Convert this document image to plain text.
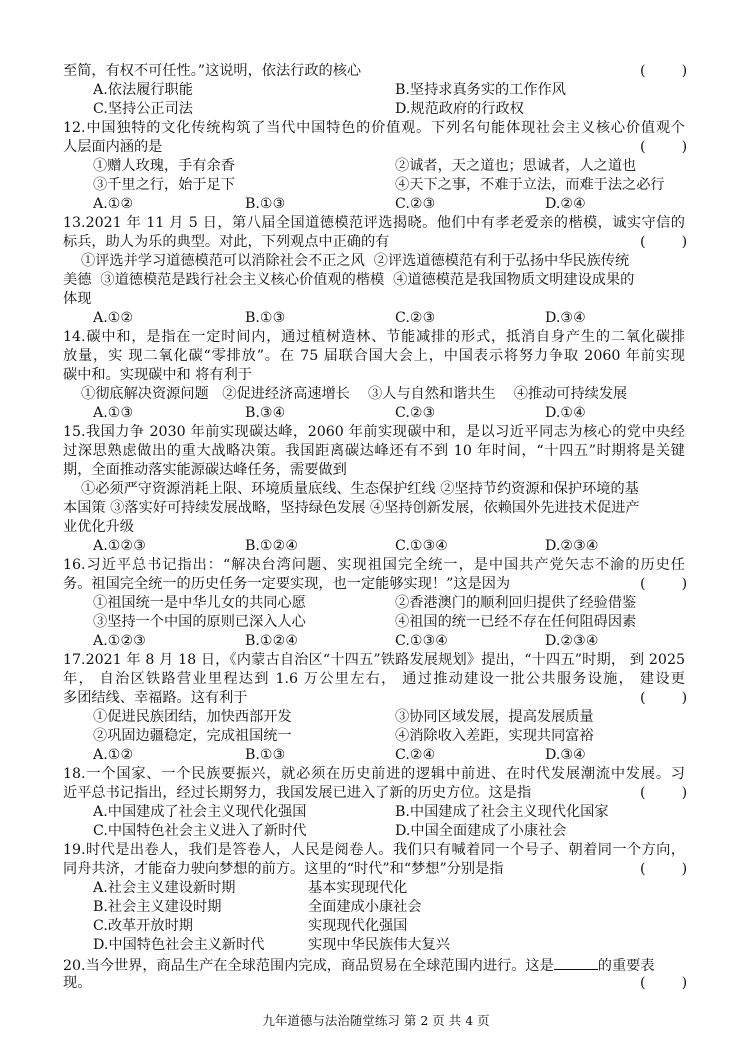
至简，有权不可任性。”这说明，依法行政的核心	(        )
A.依法履行职能	B.坚持求真务实的工作作风
C.坚持公正司法	D.规范政府的行政权
12.中国独特的文化传统构筑了当代中国特色的价值观。下列名句能体现社会主义核心价值观个
人层面内涵的是	(        )
①赠人玫瑰，手有余香	②诚者，天之道也；思诚者，人之道也
③千里之行，始于足下	④天下之事，不难于立法，而难于法之必行
A.①②	B.①③	C.②③	D.②④
13.2021 年 11 月 5 日，第八届全国道德模范评选揭晓。他们中有孝老爱亲的楷模，诚实守信的
标兵，助人为乐的典型。对此，下列观点中正确的有	(        )
①评选并学习道德模范可以消除社会不正之风  ②评选道德模范有利于弘扬中华民族传统
美德  ③道德模范是践行社会主义核心价值观的楷模  ④道德模范是我国物质文明建设成果的
体现
A.①②	B.①③	C.②③	D.③④
14.碳中和，是指在一定时间内，通过植树造林、节能减排的形式，抵消自身产生的二氧化碳排
放量，实 现二氧化碳“零排放”。在 75 届联合国大会上，中国表示将努力争取 2060 年前实现
碳中和。实现碳中和 将有利于
①彻底解决资源问题   ②促进经济高速增长    ③人与自然和谐共生    ④推动可持续发展
A.①③	B.③④	C.②③	D.①④
15.我国力争 2030 年前实现碳达峰，2060 年前实现碳中和，是以习近平同志为核心的党中央经
过深思熟虑做出的重大战略决策。我国距离碳达峰还有不到 10 年时间，“十四五”时期将是关键
期，全面推动落实能源碳达峰任务，需要做到
①必须严守资源消耗上限、环境质量底线、生态保护红线 ②坚持节约资源和保护环境的基
本国策 ③落实好可持续发展战略，坚持绿色发展 ④坚持创新发展，依赖国外先进技术促进产
业优化升级
A.①②③	B.①②④	C.①③④	D.②③④
16.习近平总书记指出：“解决台湾问题、实现祖国完全统一，是中国共产党矢志不渝的历史任
务。祖国完全统一的历史任务一定要实现，也一定能够实现！”这是因为	(        )
①祖国统一是中华儿女的共同心愿	②香港澳门的顺利回归提供了经验借鉴
③坚持一个中国的原则已深入人心	④祖国的统一已经不存在任何阻碍因素
A.①②③	B.①②④	C.①③④	D.②③④
17.2021 年 8 月 18 日，《内蒙古自治区“十四五”铁路发展规划》提出，“十四五”时期， 到 2025
年， 自治区铁路营业里程达到 1.6 万公里左右， 通过推动建设一批公共服务设施， 建设更
多团结线、幸福路。这有利于	(        )
①促进民族团结，加快西部开发	③协同区域发展，提高发展质量
②巩固边疆稳定，完成祖国统一	④消除收入差距，实现共同富裕
A.①②	B.①③	C.②④	D.③④
18.一个国家、一个民族要振兴，就必须在历史前进的逻辑中前进、在时代发展潮流中发展。习
近平总书记指出，经过长期努力，我国发展已进入了新的历史方位。这是指	(        )
A.中国建成了社会主义现代化强国	B.中国建成了社会主义现代化国家
C.中国特色社会主义进入了新时代	D.中国全面建成了小康社会
19.时代是出卷人，我们是答卷人，人民是阅卷人。我们只有喊着同一个号子、朝着同一个方向，
同舟共济，才能奋力驶向梦想的前方。这里的“时代”和“梦想”分别是指	(        )
A.社会主义建设新时期	基本实现现代化
B.社会主义建设时期	全面建成小康社会
C.改革开放时期	实现现代化强国
D.中国特色社会主义新时代	实现中华民族伟大复兴
20.当今世界，商品生产在全球范围内完成，商品贸易在全球范围内进行。这是	的重要表
现。	(        )
九年道德与法治随堂练习 第 2 页 共 4 页
